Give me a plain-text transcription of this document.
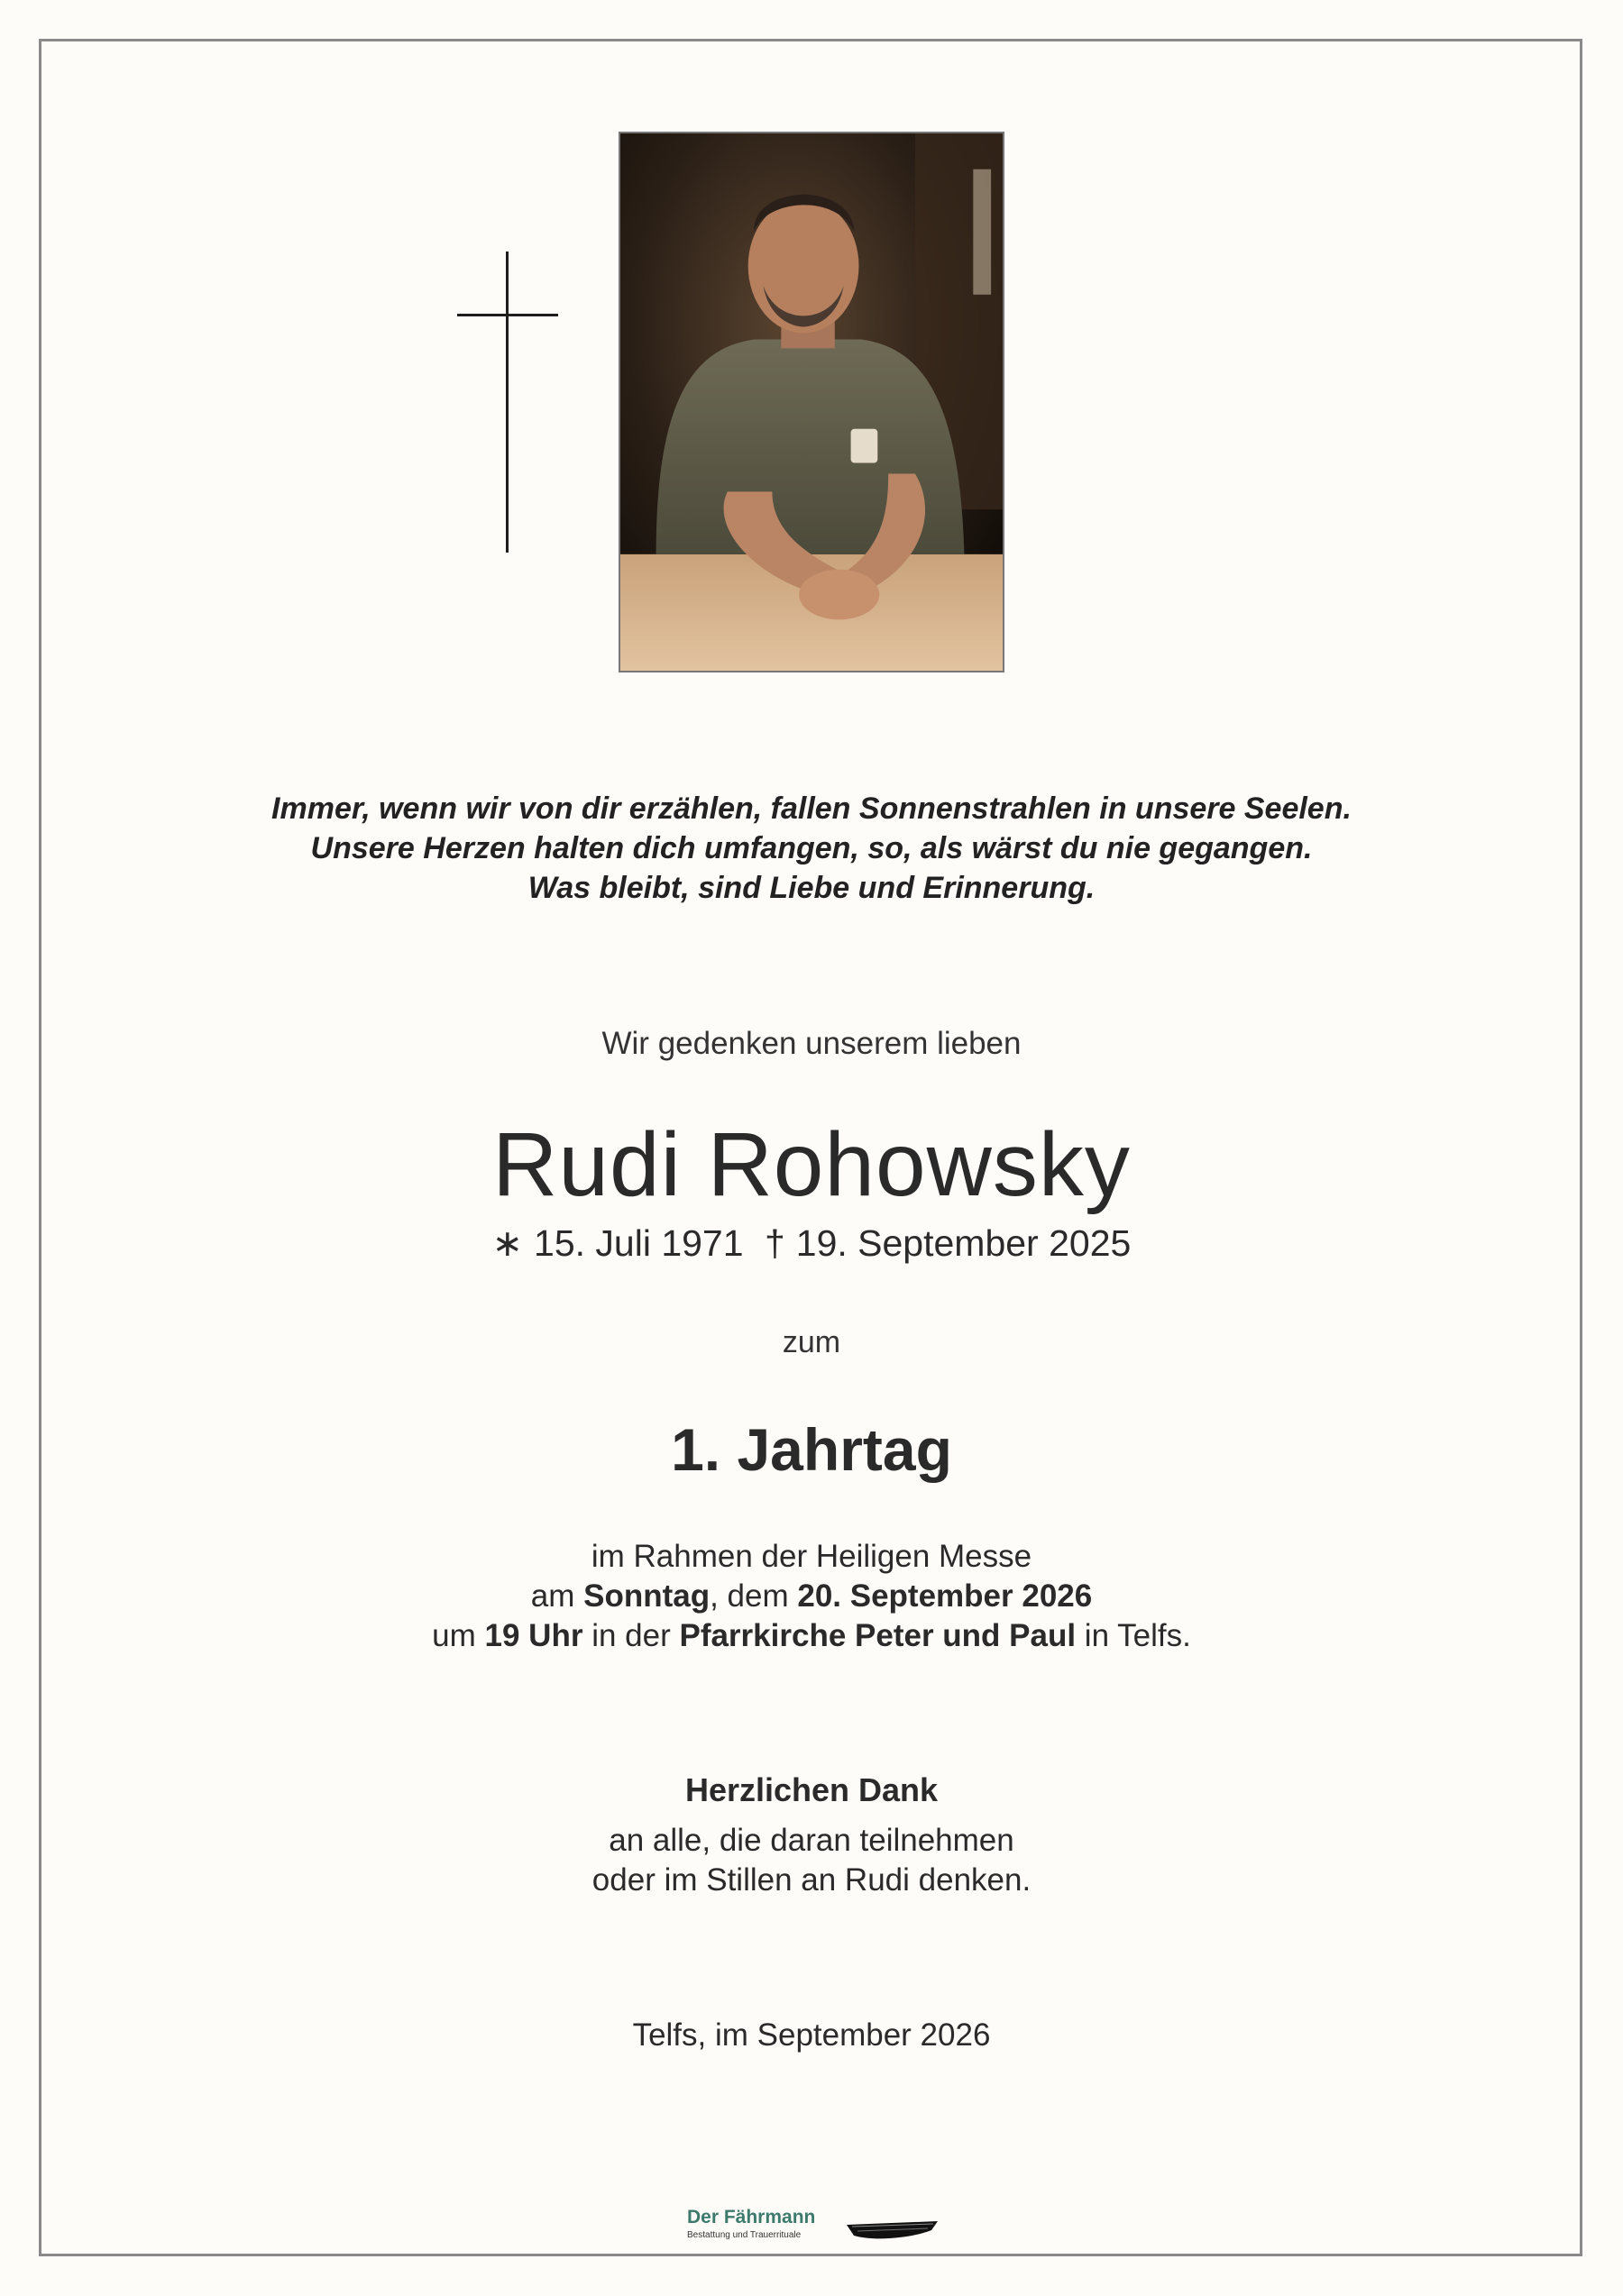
Immer, wenn wir von dir erzählen, fallen Sonnenstrahlen in unsere Seelen.
Unsere Herzen halten dich umfangen, so, als wärst du nie gegangen.
Was bleibt, sind Liebe und Erinnerung.
Wir gedenken unserem lieben
Rudi Rohowsky
∗ 15. Juli 1971 † 19. September 2025
zum
1. Jahrtag
im Rahmen der Heiligen Messe
am Sonntag, dem 20. September 2026
um 19 Uhr in der Pfarrkirche Peter und Paul in Telfs.
Herzlichen Dank
an alle, die daran teilnehmen
oder im Stillen an Rudi denken.
Telfs, im September 2026
Der Fährmann
Bestattung und Trauerrituale
